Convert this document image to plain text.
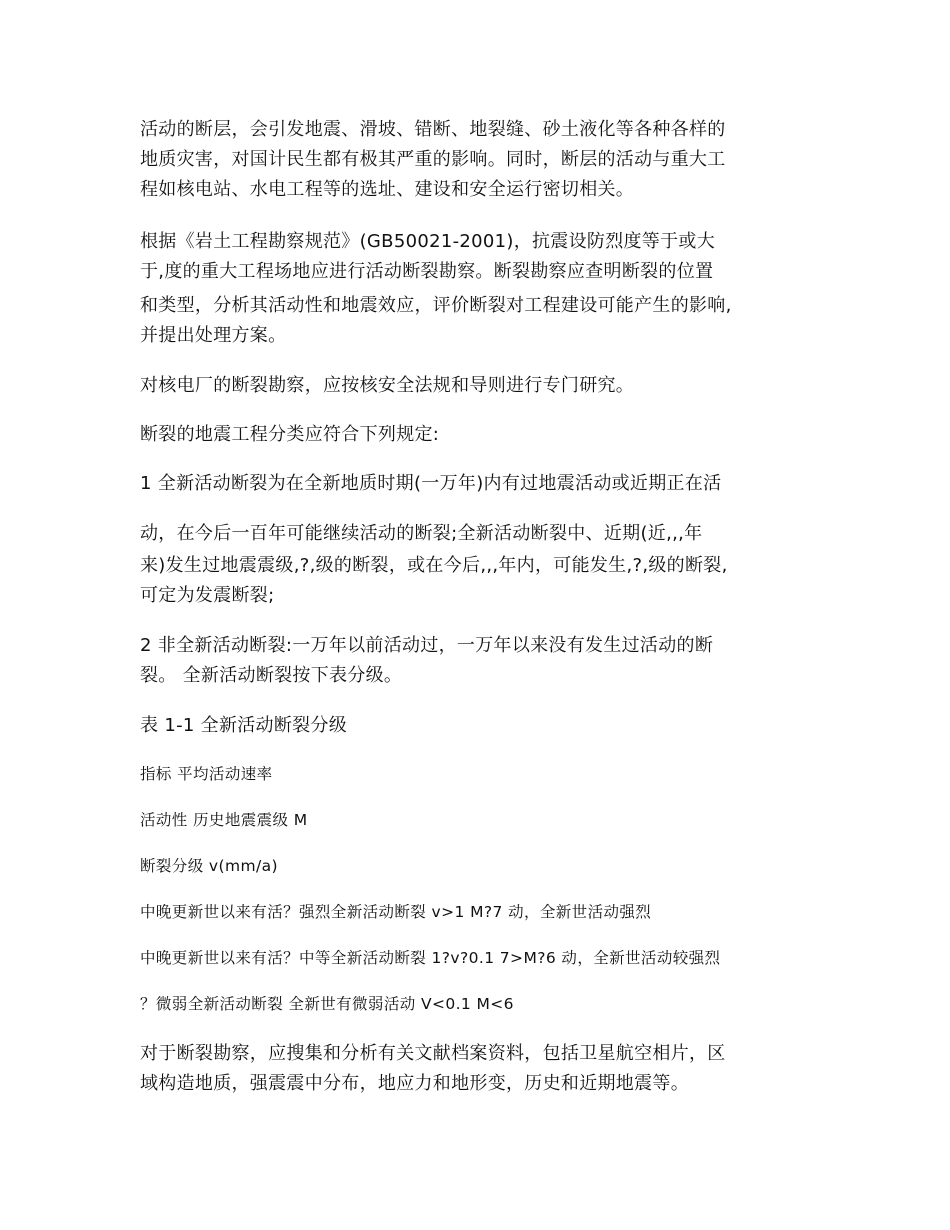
活动的断层，会引发地震、滑坡、错断、地裂缝、砂土液化等各种各样的
地质灾害，对国计民生都有极其严重的影响。同时，断层的活动与重大工
程如核电站、水电工程等的选址、建设和安全运行密切相关。
根据《岩土工程勘察规范》(GB50021-2001)，抗震设防烈度等于或大
于,度的重大工程场地应进行活动断裂勘察。断裂勘察应查明断裂的位置
和类型，分析其活动性和地震效应，评价断裂对工程建设可能产生的影响,
并提出处理方案。
对核电厂的断裂勘察，应按核安全法规和导则进行专门研究。
断裂的地震工程分类应符合下列规定:
1 全新活动断裂为在全新地质时期(一万年)内有过地震活动或近期正在活
动，在今后一百年可能继续活动的断裂;全新活动断裂中、近期(近,,,年
来)发生过地震震级,?,级的断裂，或在今后,,,年内，可能发生,?,级的断裂,
可定为发震断裂;
2 非全新活动断裂:一万年以前活动过，一万年以来没有发生过活动的断
裂。 全新活动断裂按下表分级。
表 1-1 全新活动断裂分级
指标 平均活动速率
活动性 历史地震震级 M
断裂分级 v(mm/a)
中晚更新世以来有活？强烈全新活动断裂 v>1 M?7 动，全新世活动强烈
中晚更新世以来有活？中等全新活动断裂 1?v?0.1 7>M?6 动，全新世活动较强烈
？微弱全新活动断裂 全新世有微弱活动 V<0.1 M<6
对于断裂勘察，应搜集和分析有关文献档案资料，包括卫星航空相片，区
域构造地质，强震震中分布，地应力和地形变，历史和近期地震等。
